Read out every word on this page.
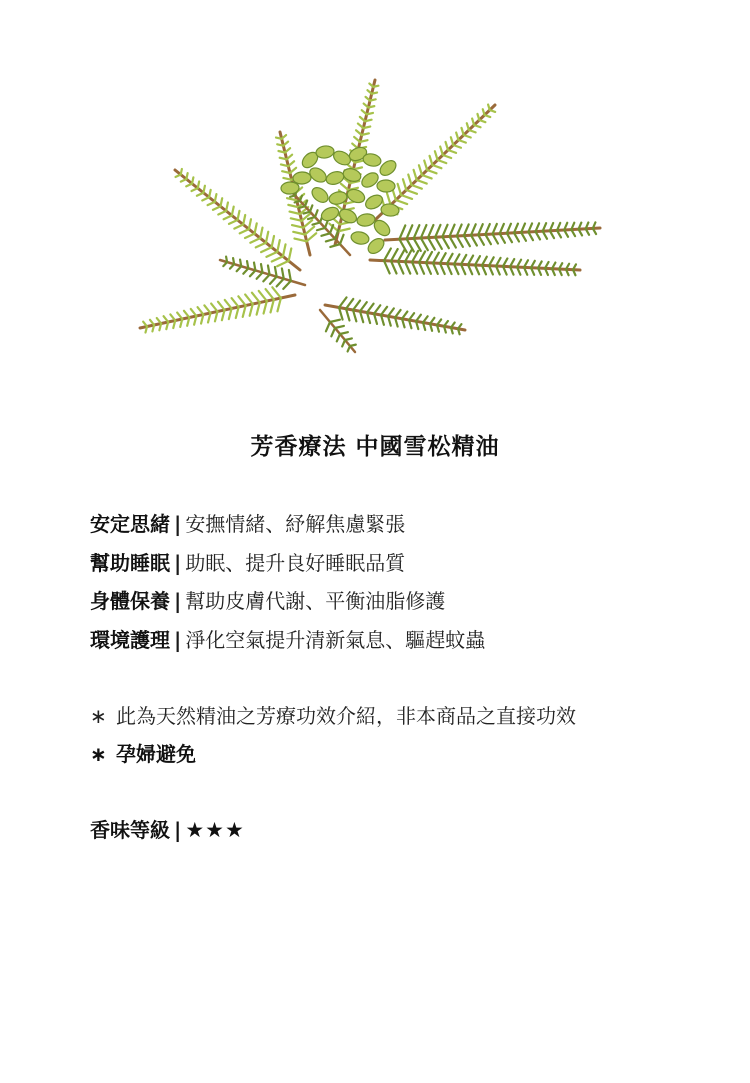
芳香療法 中國雪松精油
安定思緒 | 安撫情緒、紓解焦慮緊張
幫助睡眠 | 助眠、提升良好睡眠品質
身體保養 | 幫助皮膚代謝、平衡油脂修護
環境護理 | 淨化空氣提升清新氣息、驅趕蚊蟲
∗ 此為天然精油之芳療功效介紹，非本商品之直接功效
∗ 孕婦避免
香味等級 | ★★★
